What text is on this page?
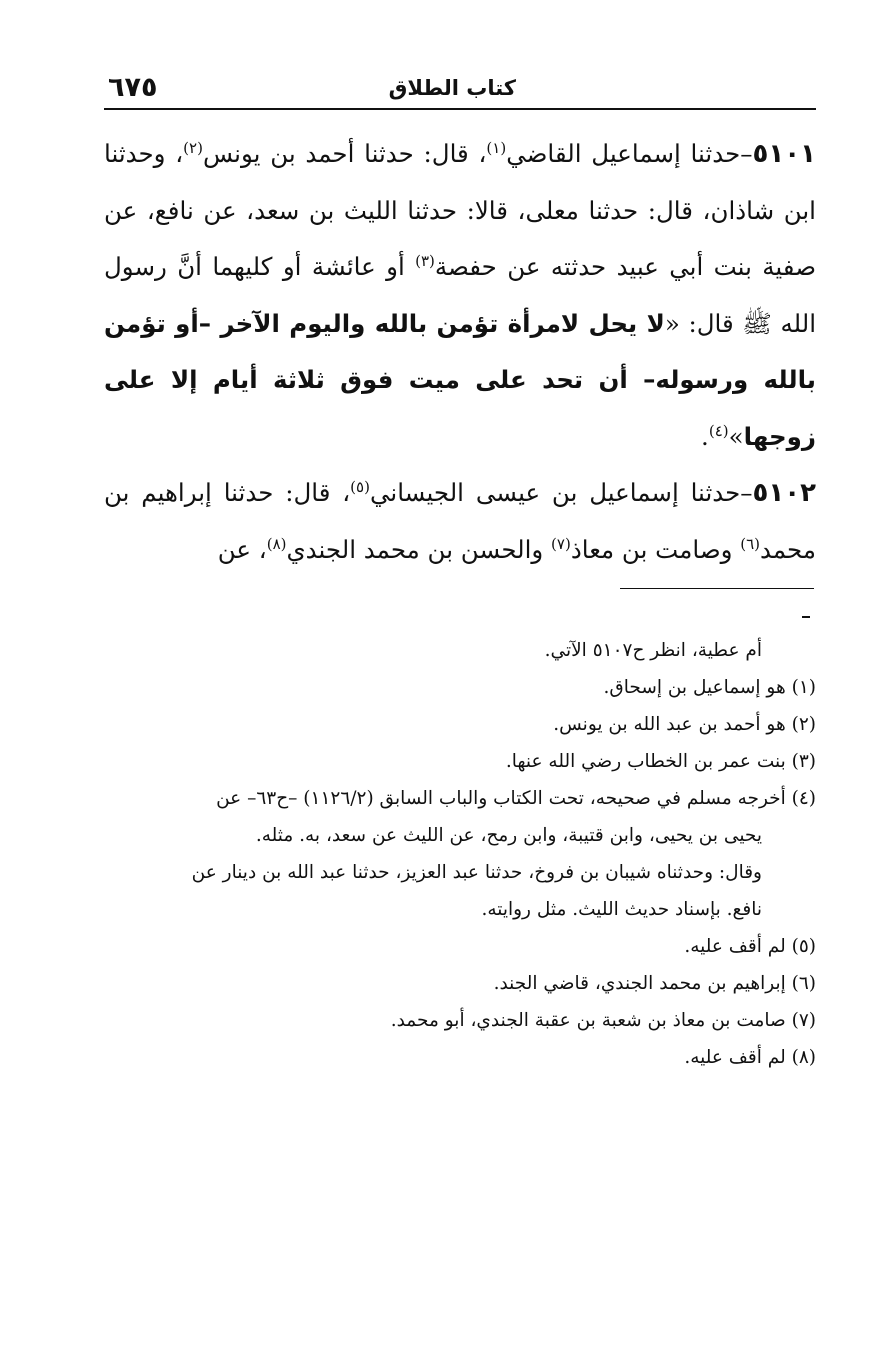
كتاب الطلاق
٦٧٥

٥١٠١–حدثنا إسماعيل القاضي$^{(١)}$، قال: حدثنا أحمد بن يونس$^{(٢)}$، وحدثنا ابن شاذان، قال: حدثنا معلى، قالا: حدثنا الليث بن سعد، عن نافع، عن صفية بنت أبي عبيد حدثته عن حفصة$^{(٣)}$ أو عائشة أو كليهما أنَّ رسول الله ﷺ قال: «لا يحل لامرأة تؤمن بالله واليوم الآخر –أو تؤمن بالله ورسوله– أن تحد على ميت فوق ثلاثة أيام إلا على زوجها»$^{(٤)}$.

٥١٠٢–حدثنا إسماعيل بن عيسى الجيساني$^{(٥)}$، قال: حدثنا إبراهيم بن محمد$^{(٦)}$ وصامت بن معاذ$^{(٧)}$ والحسن بن محمد الجندي$^{(٨)}$، عن

أم عطية، انظر ح٥١٠٧ الآتي.

(١) هو إسماعيل بن إسحاق.

(٢) هو أحمد بن عبد الله بن يونس.

(٣) بنت عمر بن الخطاب رضي الله عنها.

(٤) أخرجه مسلم في صحيحه، تحت الكتاب والباب السابق (١١٢٦/٢) –ح٦٣– عن

يحيى بن يحيى، وابن قتيبة، وابن رمح، عن الليث عن سعد، به. مثله.

وقال: وحدثناه شيبان بن فروخ، حدثنا عبد العزيز، حدثنا عبد الله بن دينار عن

نافع. بإسناد حديث الليث. مثل روايته.

(٥) لم أقف عليه.

(٦) إبراهيم بن محمد الجندي، قاضي الجند.

(٧) صامت بن معاذ بن شعبة بن عقبة الجندي، أبو محمد.

(٨) لم أقف عليه.
